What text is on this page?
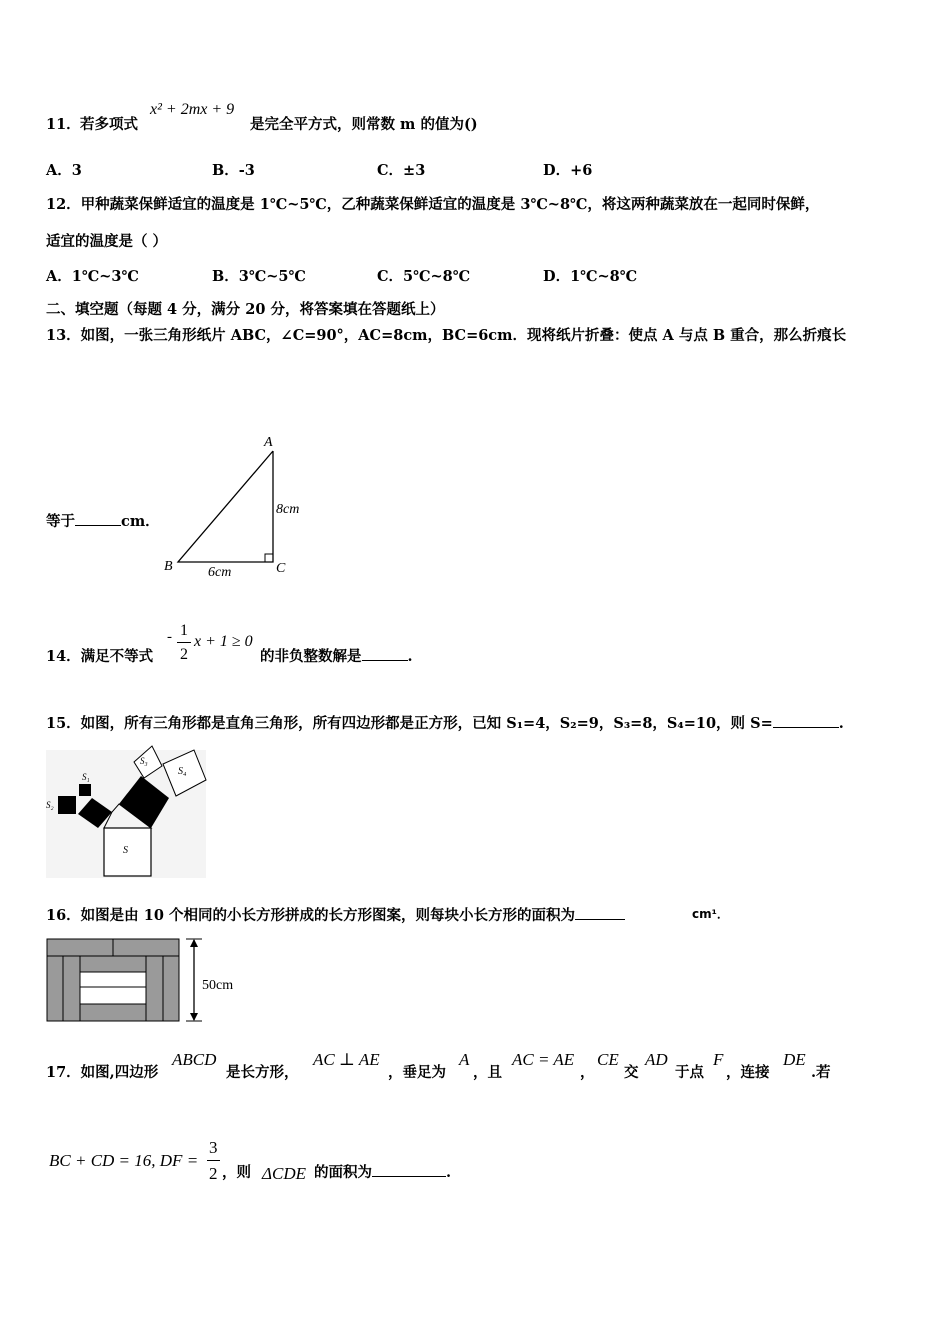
11． 若多项式
x² + 2mx + 9
是完全平方式，则常数 m 的值为()
A．3	B．-3	C．±3	D．+6
12．甲种蔬菜保鲜适宜的温度是 1℃~5℃，乙种蔬菜保鲜适宜的温度是 3℃~8℃，将这两种蔬菜放在一起同时保鲜，
适宜的温度是（ ）
A．1℃~3℃	B．3℃~5℃	C．5℃~8℃	D．1℃~8℃
二、填空题（每题 4 分，满分 20 分，将答案填在答题纸上）
13．如图，一张三角形纸片 ABC，∠C=90°，AC=8cm，BC=6cm．现将纸片折叠：使点 A 与点 B 重合，那么折痕长
等于	cm．
A
B	C
8cm
6cm
14．满足不等式
- 1
2
x + 1 ≥ 0
的非负整数解是	.
15．如图，所有三角形都是直角三角形，所有四边形都是正方形，已知 S₁=4，S₂=9，S₃=8，S₄=10，则 S=	.
S₁
S₂
S₃
S₄
S
16．如图是由 10 个相同的小长方形拼成的长方形图案，则每块小长方形的面积为	cm¹．
50cm
17．如图,四边形
ABCD
是长方形，
AC ⊥ AE
，垂足为
A
，且
AC = AE
，
CE
交
AD
于点
F
，连接
DE
.若
BC + CD = 16, DF =
3
2 ，则 ΔCDE 的面积为	.
